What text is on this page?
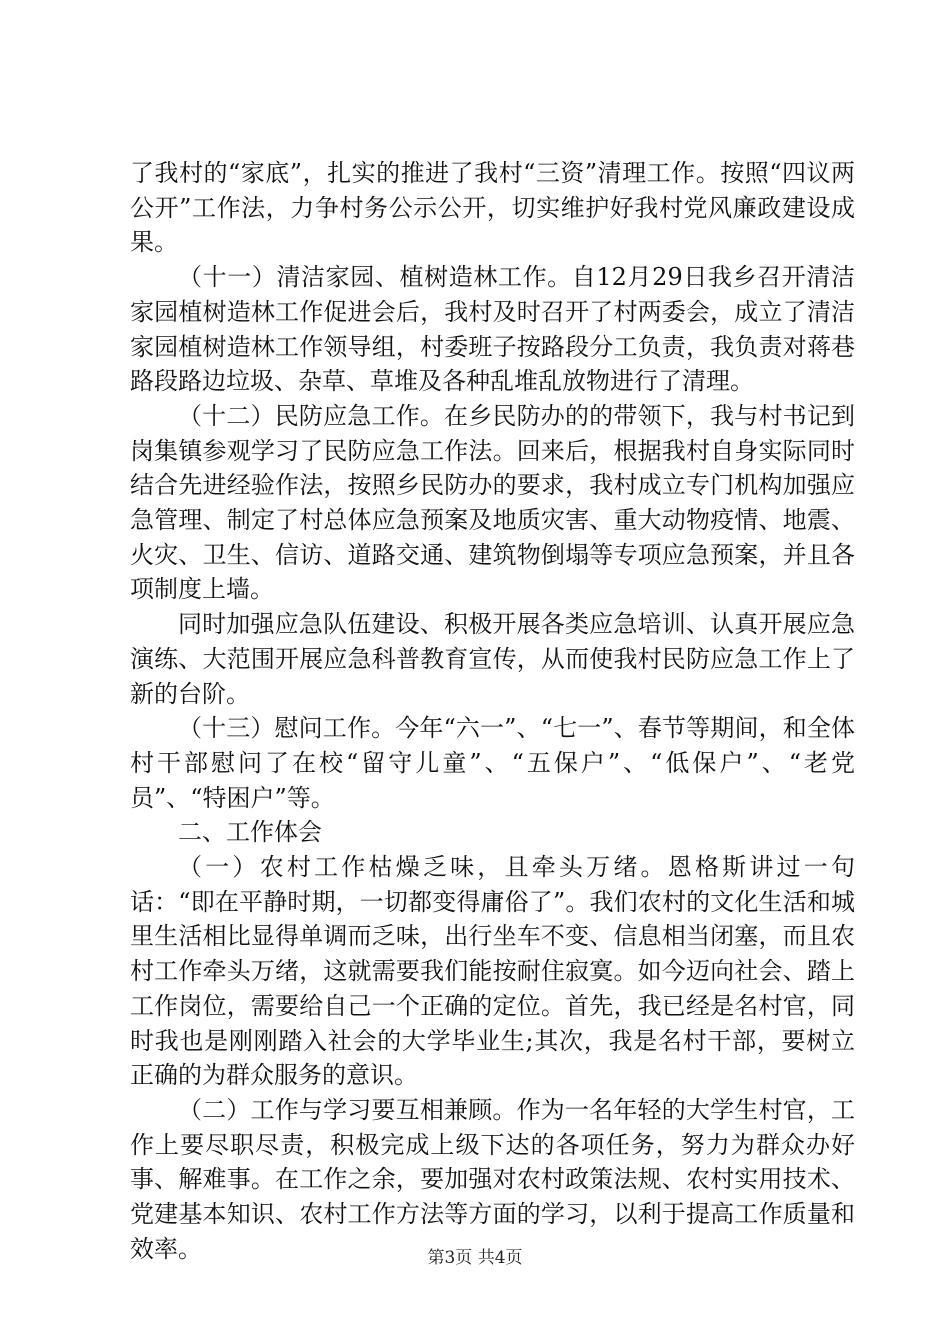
了我村的“家底”，扎实的推进了我村“三资”清理工作。按照“四议两公开”工作法，力争村务公示公开，切实维护好我村党风廉政建设成果。

（十一）清洁家园、植树造林工作。自12月29日我乡召开清洁家园植树造林工作促进会后，我村及时召开了村两委会，成立了清洁家园植树造林工作领导组，村委班子按路段分工负责，我负责对蒋巷路段路边垃圾、杂草、草堆及各种乱堆乱放物进行了清理。

（十二）民防应急工作。在乡民防办的的带领下，我与村书记到岗集镇参观学习了民防应急工作法。回来后，根据我村自身实际同时结合先进经验作法，按照乡民防办的要求，我村成立专门机构加强应急管理、制定了村总体应急预案及地质灾害、重大动物疫情、地震、火灾、卫生、信访、道路交通、建筑物倒塌等专项应急预案，并且各项制度上墙。

同时加强应急队伍建设、积极开展各类应急培训、认真开展应急演练、大范围开展应急科普教育宣传，从而使我村民防应急工作上了新的台阶。

（十三）慰问工作。今年“六一”、“七一”、春节等期间，和全体村干部慰问了在校“留守儿童”、“五保户”、“低保户”、“老党员”、“特困户”等。

二、工作体会

（一）农村工作枯燥乏味，且牵头万绪。恩格斯讲过一句话：“即在平静时期，一切都变得庸俗了”。我们农村的文化生活和城里生活相比显得单调而乏味，出行坐车不变、信息相当闭塞，而且农村工作牵头万绪，这就需要我们能按耐住寂寞。如今迈向社会、踏上工作岗位，需要给自己一个正确的定位。首先，我已经是名村官，同时我也是刚刚踏入社会的大学毕业生;其次，我是名村干部，要树立正确的为群众服务的意识。

（二）工作与学习要互相兼顾。作为一名年轻的大学生村官，工作上要尽职尽责，积极完成上级下达的各项任务，努力为群众办好事、解难事。在工作之余，要加强对农村政策法规、农村实用技术、党建基本知识、农村工作方法等方面的学习，以利于提高工作质量和效率。	第3页 共4页
